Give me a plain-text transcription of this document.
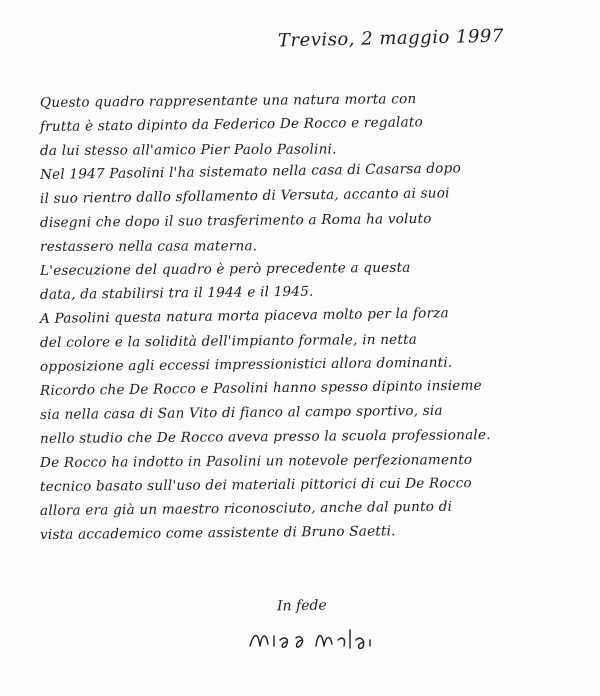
Treviso, 2 maggio 1997
Questo quadro rappresentante una natura morta con
frutta è stato dipinto da Federico De Rocco e regalato
da lui stesso all'amico Pier Paolo Pasolini.
Nel 1947 Pasolini l'ha sistemato nella casa di Casarsa dopo
il suo rientro dallo sfollamento di Versuta, accanto ai suoi
disegni che dopo il suo trasferimento a Roma ha voluto
restassero nella casa materna.
L'esecuzione del quadro è però precedente a questa
data, da stabilirsi tra il 1944 e il 1945.
A Pasolini questa natura morta piaceva molto per la forza
del colore e la solidità dell'impianto formale, in netta
opposizione agli eccessi impressionistici allora dominanti.
Ricordo che De Rocco e Pasolini hanno spesso dipinto insieme
sia nella casa di San Vito di fianco al campo sportivo, sia
nello studio che De Rocco aveva presso la scuola professionale.
De Rocco ha indotto in Pasolini un notevole perfezionamento
tecnico basato sull'uso dei materiali pittorici di cui De Rocco
allora era già un maestro riconosciuto, anche dal punto di
vista accademico come assistente di Bruno Saetti.
In fede
